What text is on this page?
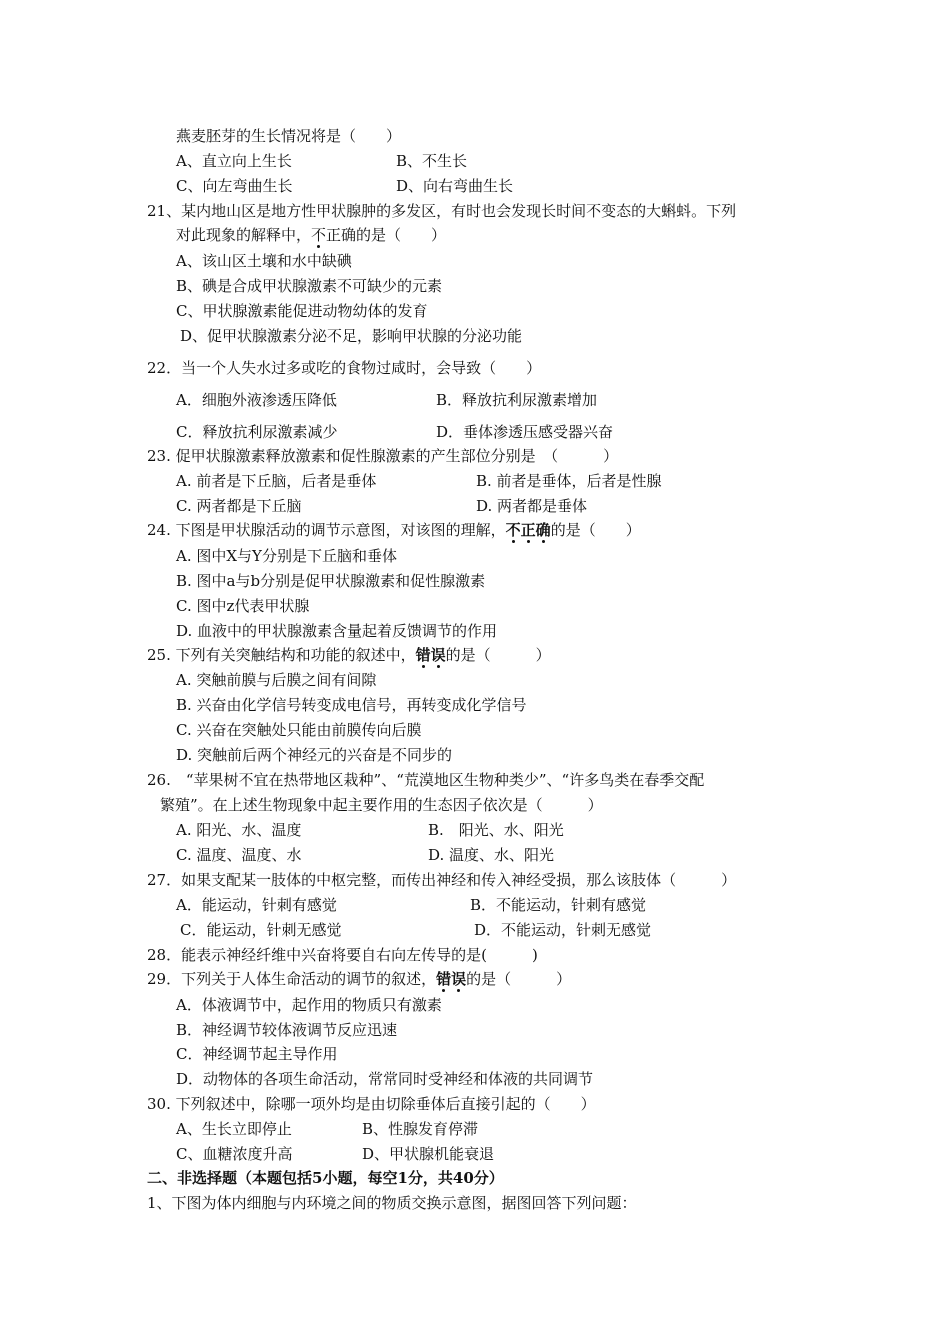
燕麦胚芽的生长情况将是（　　）
A、直立向上生长	B、不生长
C、向左弯曲生长	D、向右弯曲生长
21、某内地山区是地方性甲状腺肿的多发区，有时也会发现长时间不变态的大蝌蚪。下列
对此现象的解释中，不正确的是（　　）
A、该山区土壤和水中缺碘
B、碘是合成甲状腺激素不可缺少的元素
C、甲状腺激素能促进动物幼体的发育
D、促甲状腺激素分泌不足，影响甲状腺的分泌功能
22．当一个人失水过多或吃的食物过咸时，会导致（　　）
A．细胞外液渗透压降低	B．释放抗利尿激素增加
C．释放抗利尿激素减少	D．垂体渗透压感受器兴奋
23. 促甲状腺激素释放激素和促性腺激素的产生部位分别是　（　　　）
A. 前者是下丘脑，后者是垂体	B. 前者是垂体，后者是性腺
C. 两者都是下丘脑	D. 两者都是垂体
24. 下图是甲状腺活动的调节示意图，对该图的理解，不正确的是（　　）
A. 图中X与Y分别是下丘脑和垂体
B. 图中a与b分别是促甲状腺激素和促性腺激素
C. 图中z代表甲状腺
D. 血液中的甲状腺激素含量起着反馈调节的作用
25. 下列有关突触结构和功能的叙述中，错误的是（　　　）
A. 突触前膜与后膜之间有间隙
B. 兴奋由化学信号转变成电信号，再转变成化学信号
C. 兴奋在突触处只能由前膜传向后膜
D. 突触前后两个神经元的兴奋是不同步的
26.　“苹果树不宜在热带地区栽种”、“荒漠地区生物种类少”、“许多鸟类在春季交配
繁殖”。在上述生物现象中起主要作用的生态因子依次是（　　　）
A. 阳光、水、温度	B.　阳光、水、阳光
C. 温度、温度、水	D. 温度、水、阳光
27．如果支配某一肢体的中枢完整，而传出神经和传入神经受损，那么该肢体（　　　）
A．能运动，针刺有感觉	B．不能运动，针刺有感觉
C．能运动，针刺无感觉	D．不能运动，针刺无感觉
28．能表示神经纤维中兴奋将要自右向左传导的是(　　　)
29．下列关于人体生命活动的调节的叙述，错误的是（　　　）
A．体液调节中，起作用的物质只有激素
B．神经调节较体液调节反应迅速
C．神经调节起主导作用
D．动物体的各项生命活动，常常同时受神经和体液的共同调节
30. 下列叙述中，除哪一项外均是由切除垂体后直接引起的（　　）
A、生长立即停止	B、性腺发育停滞
C、血糖浓度升高	D、甲状腺机能衰退
二、非选择题（本题包括5小题，每空1分，共40分）
1、下图为体内细胞与内环境之间的物质交换示意图，据图回答下列问题：
